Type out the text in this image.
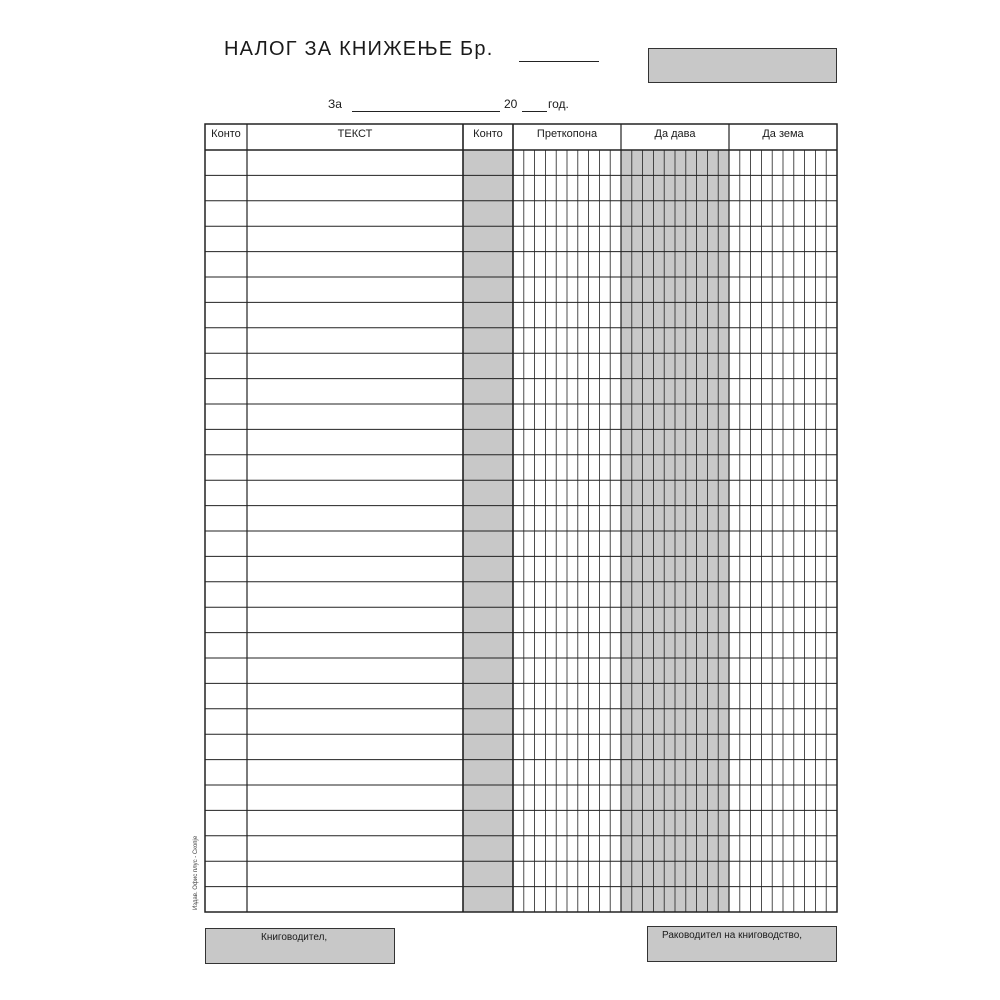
НАЛОГ ЗА КНИЖЕЊЕ Бр.
За	20	год.
Конто	ТЕКСТ	Конто	Преткопона	Да дава	Да зема
Издав. Офис плус - Скопје
Книговодител,	Раководител на книговодство,
